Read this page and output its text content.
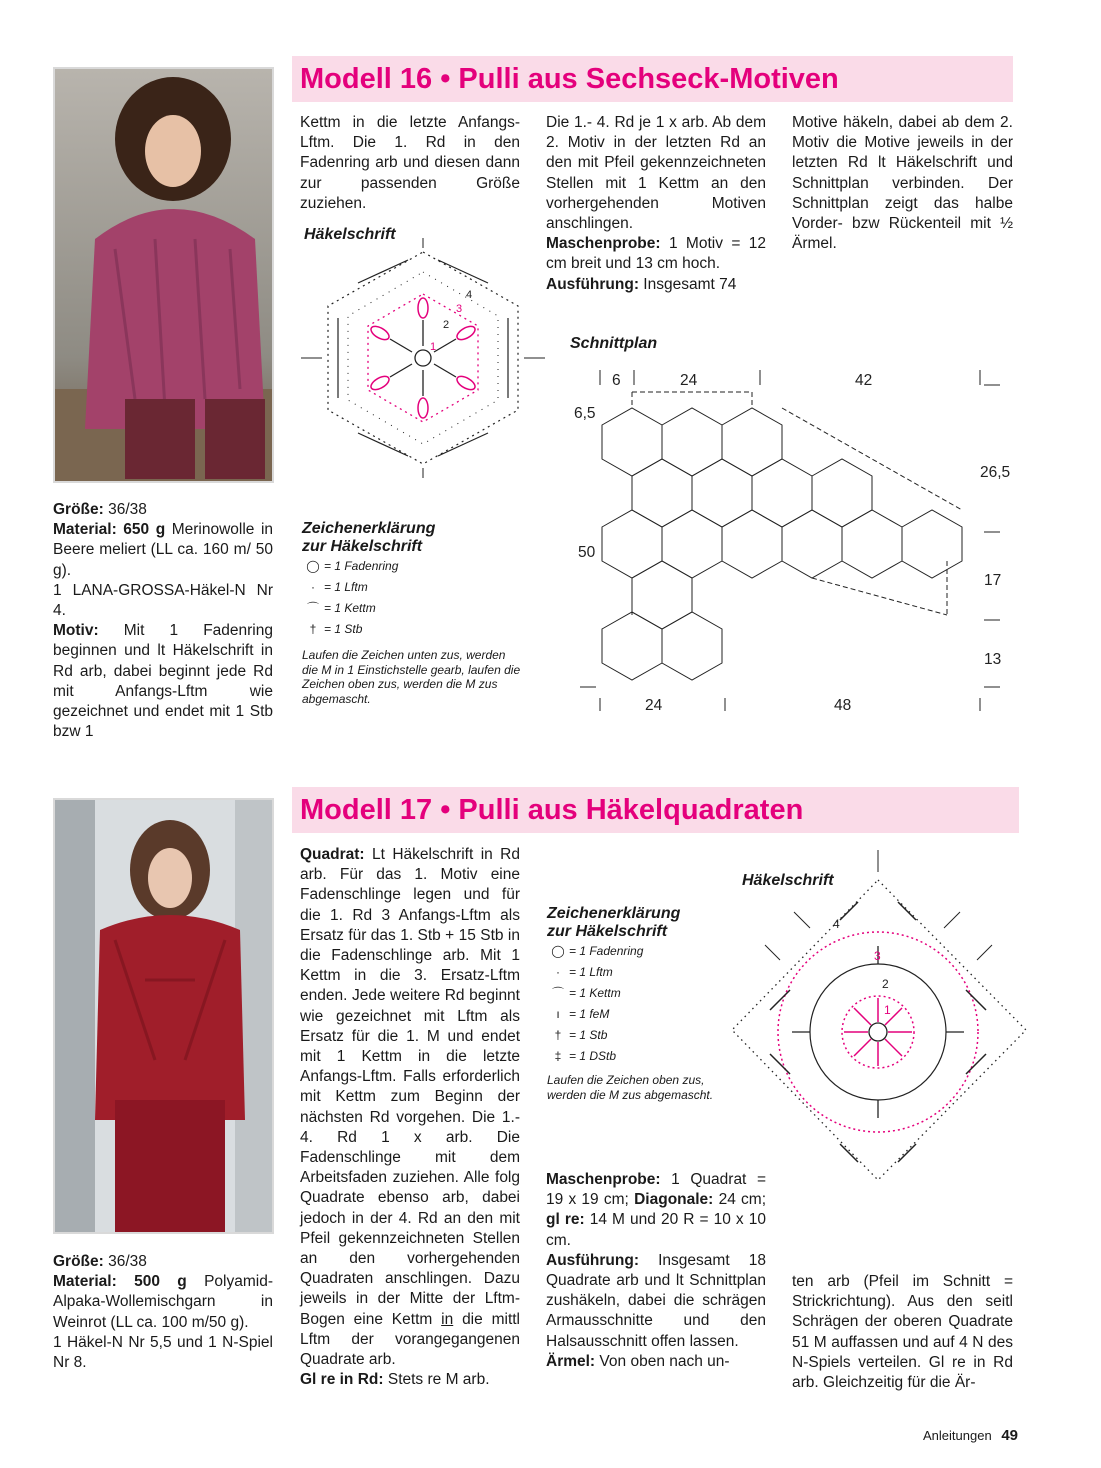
Modell 16 • Pulli aus Sechseck-Motiven

Größe: 36/38

Material: 650 g Merinowolle in Beere meliert (LL ca. 160 m/ 50 g).

1 LANA-GROSSA-Häkel-N Nr 4.

Motiv: Mit 1 Fadenring beginnen und lt Häkelschrift in Rd arb, dabei beginnt jede Rd mit Anfangs-Lftm wie gezeichnet und endet mit 1 Stb bzw 1

Kettm in die letzte Anfangs-Lftm. Die 1. Rd in den Fadenring arb und diesen dann zur passenden Größe zuziehen.

Die 1.- 4. Rd je 1 x arb. Ab dem 2. Motiv in der letzten Rd an den mit Pfeil gekennzeichneten Stellen mit 1 Kettm an den vorhergehenden Motiven anschlingen.

Maschenprobe: 1 Motiv = 12 cm breit und 13 cm hoch.

Ausführung: Insgesamt 74

Motive häkeln, dabei ab dem 2. Motiv die Motive jeweils in der letzten Rd lt Häkelschrift und Schnittplan verbinden. Der Schnittplan zeigt das halbe Vorder- bzw Rückenteil mit ½ Ärmel.

Häkelschrift
4
3
2
1
Zeichenerklärung
zur Häkelschrift
◯ = 1 Fadenring
· = 1 Lftm
⌒ = 1 Kettm
† = 1 Stb
Laufen die Zeichen unten zus, werden die M in 1 Einstichstelle gearb, laufen die Zeichen oben zus, werden die M zus abgemascht.
Schnittplan
6	24	42
6,5
50
26,5
17
13
24	48
Modell 17 • Pulli aus Häkelquadraten

Größe: 36/38

Material: 500 g Polyamid-Alpaka-Wollemischgarn in Weinrot (LL ca. 100 m/50 g).

1 Häkel-N Nr 5,5 und 1 N-Spiel Nr 8.

Quadrat: Lt Häkelschrift in Rd arb. Für das 1. Motiv eine Fadenschlinge legen und für die 1. Rd 3 Anfangs-Lftm als Ersatz für das 1. Stb + 15 Stb in die Fadenschlinge arb. Mit 1 Kettm in die 3. Ersatz-Lftm enden. Jede weitere Rd beginnt wie gezeichnet mit Lftm als Ersatz für die 1. M und endet mit 1 Kettm in die letzte Anfangs-Lftm. Falls erforderlich mit Kettm zum Beginn der nächsten Rd vorgehen. Die 1.- 4. Rd 1 x arb. Die Fadenschlinge mit dem Arbeitsfaden zuziehen. Alle folg Quadrate ebenso arb, dabei jedoch in der 4. Rd an den mit Pfeil gekennzeichneten Stellen an den vorhergehenden Quadraten anschlingen. Dazu jeweils in der Mitte der Lftm-Bogen eine Kettm in die mittl Lftm der vorangegangenen Quadrate arb.

Gl re in Rd: Stets re M arb.

Zeichenerklärung
zur Häkelschrift
◯ = 1 Fadenring
· = 1 Lftm
⌒ = 1 Kettm
ı = 1 feM
† = 1 Stb
‡ = 1 DStb
Laufen die Zeichen oben zus, werden die M zus abgemascht.
Häkelschrift
4
3
2
1

Maschenprobe: 1 Quadrat = 19 x 19 cm; Diagonale: 24 cm; gl re: 14 M und 20 R = 10 x 10 cm.

Ausführung: Insgesamt 18 Quadrate arb und lt Schnittplan zushäkeln, dabei die schrägen Armausschnitte und den Halsausschnitt offen lassen.

Ärmel: Von oben nach un-

ten arb (Pfeil im Schnitt = Strickrichtung). Aus den seitl Schrägen der oberen Quadrate 51 M auffassen und auf 4 N des N-Spiels verteilen. Gl re in Rd arb. Gleichzeitig für die Är-

Anleitungen 49
